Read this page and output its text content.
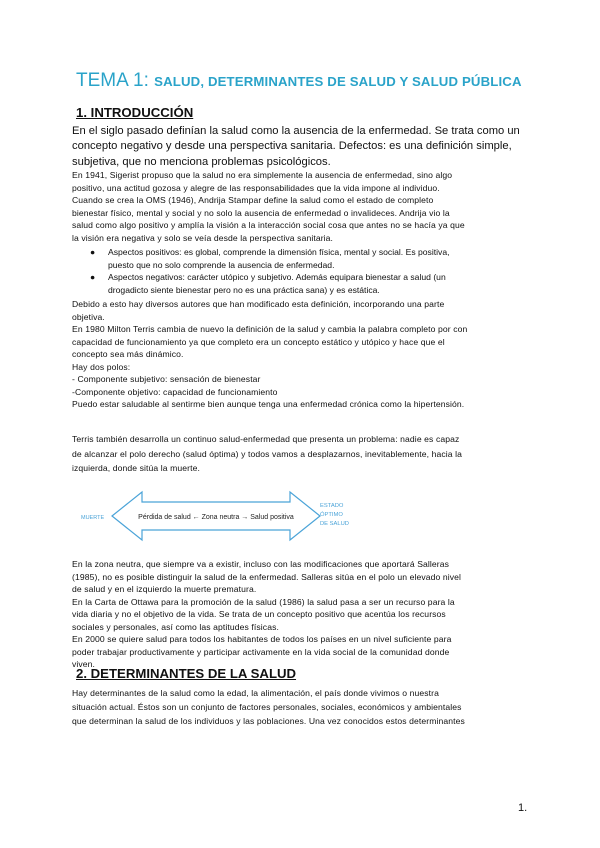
TEMA 1: SALUD, DETERMINANTES DE SALUD Y SALUD PÚBLICA
1. INTRODUCCIÓN
En el siglo pasado definían la salud como la ausencia de la enfermedad. Se trata como un
concepto negativo y desde una perspectiva sanitaria. Defectos: es una definición simple,
subjetiva, que no menciona problemas psicológicos.
En 1941, Sigerist propuso que la salud no era simplemente la ausencia de enfermedad, sino algo
positivo, una actitud gozosa y alegre de las responsabilidades que la vida impone al individuo.
Cuando se crea la OMS (1946), Andrija Stampar define la salud como el estado de completo
bienestar físico, mental y social y no solo la ausencia de enfermedad o invalideces. Andrija vio la
salud como algo positivo y amplía la visión a la interacción social cosa que antes no se hacía ya que
la visión era negativa y solo se veía desde la perspectiva sanitaria.
● Aspectos positivos: es global, comprende la dimensión física, mental y social. Es positiva,
puesto que no solo comprende la ausencia de enfermedad.
● Aspectos negativos: carácter utópico y subjetivo. Además equipara bienestar a salud (un
drogadicto siente bienestar pero no es una práctica sana) y es estática.
Debido a esto hay diversos autores que han modificado esta definición, incorporando una parte
objetiva.
En 1980 Milton Terris cambia de nuevo la definición de la salud y cambia la palabra completo por con
capacidad de funcionamiento ya que completo era un concepto estático y utópico y hace que el
concepto sea más dinámico.
Hay dos polos:
- Componente subjetivo: sensación de bienestar
-Componente objetivo: capacidad de funcionamiento
Puedo estar saludable al sentirme bien aunque tenga una enfermedad crónica como la hipertensión.
Terris también desarrolla un continuo salud-enfermedad que presenta un problema: nadie es capaz
de alcanzar el polo derecho (salud óptima) y todos vamos a desplazarnos, inevitablemente, hacia la
izquierda, donde sitúa la muerte.
Pérdida de salud ← Zona neutra → Salud positiva
MUERTE
ESTADO
ÓPTIMO
DE SALUD
En la zona neutra, que siempre va a existir, incluso con las modificaciones que aportará Salleras
(1985), no es posible distinguir la salud de la enfermedad. Salleras sitúa en el polo un elevado nivel
de salud y en el izquierdo la muerte prematura.
En la Carta de Ottawa para la promoción de la salud (1986) la salud pasa a ser un recurso para la
vida diaria y no el objetivo de la vida. Se trata de un concepto positivo que acentúa los recursos
sociales y personales, así como las aptitudes físicas.
En 2000 se quiere salud para todos los habitantes de todos los países en un nivel suficiente para
poder trabajar productivamente y participar activamente en la vida social de la comunidad donde
viven.
2. DETERMINANTES DE LA SALUD
Hay determinantes de la salud como la edad, la alimentación, el país donde vivimos o nuestra
situación actual. Éstos son un conjunto de factores personales, sociales, económicos y ambientales
que determinan la salud de los individuos y las poblaciones. Una vez conocidos estos determinantes
1.
